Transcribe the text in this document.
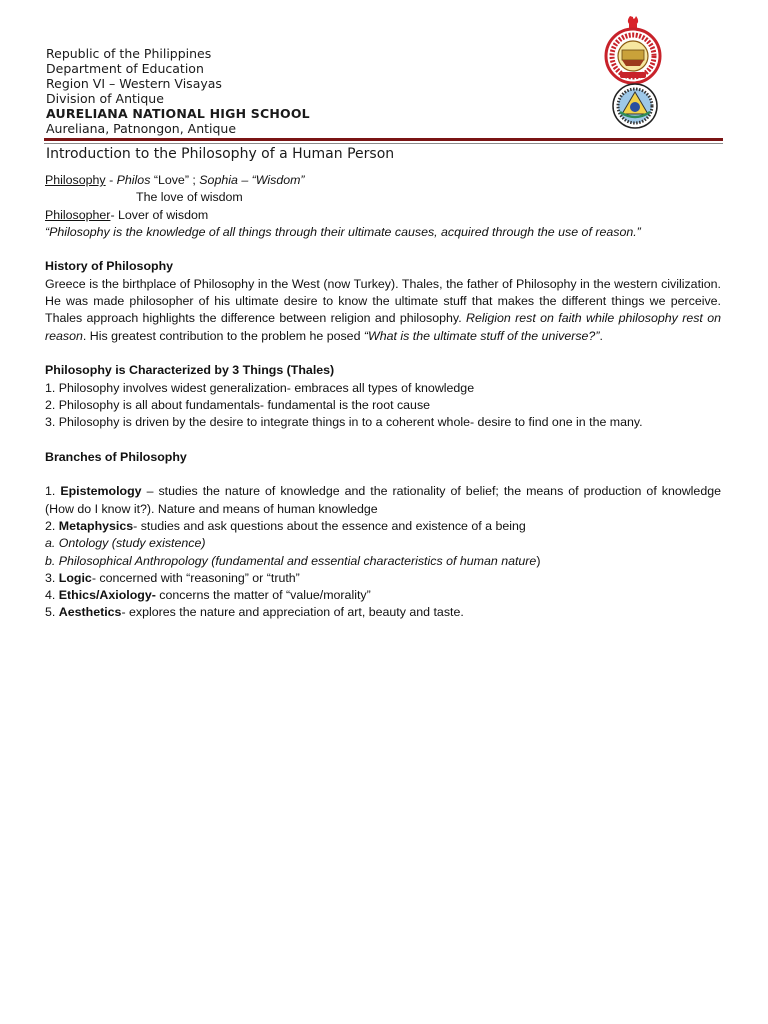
Republic of the Philippines
Department of Education
Region VI – Western Visayas
Division of Antique
AURELIANA NATIONAL HIGH SCHOOL
Aureliana, Patnongon, Antique
Introduction to the Philosophy of a Human Person

Philosophy - Philos “Love” ; Sophia – “Wisdom”

The love of wisdom

Philosopher- Lover of wisdom

“Philosophy is the knowledge of all things through their ultimate causes, acquired through the use of reason.”

History of Philosophy

Greece is the birthplace of Philosophy in the West (now Turkey). Thales, the father of Philosophy in the western civilization. He was made philosopher of his ultimate desire to know the ultimate stuff that makes the different things we perceive. Thales approach highlights the difference between religion and philosophy. Religion rest on faith while philosophy rest on reason. His greatest contribution to the problem he posed “What is the ultimate stuff of the universe?”.

Philosophy is Characterized by 3 Things (Thales)

1. Philosophy involves widest generalization- embraces all types of knowledge

2. Philosophy is all about fundamentals- fundamental is the root cause

3. Philosophy is driven by the desire to integrate things in to a coherent whole- desire to find one in the many.

Branches of Philosophy

1. Epistemology – studies the nature of knowledge and the rationality of belief; the means of production of knowledge (How do I know it?). Nature and means of human knowledge

2. Metaphysics- studies and ask questions about the essence and existence of a being

a. Ontology (study existence)

b. Philosophical Anthropology (fundamental and essential characteristics of human nature)

3. Logic- concerned with “reasoning” or “truth”

4. Ethics/Axiology- concerns the matter of “value/morality”

5. Aesthetics- explores the nature and appreciation of art, beauty and taste.
